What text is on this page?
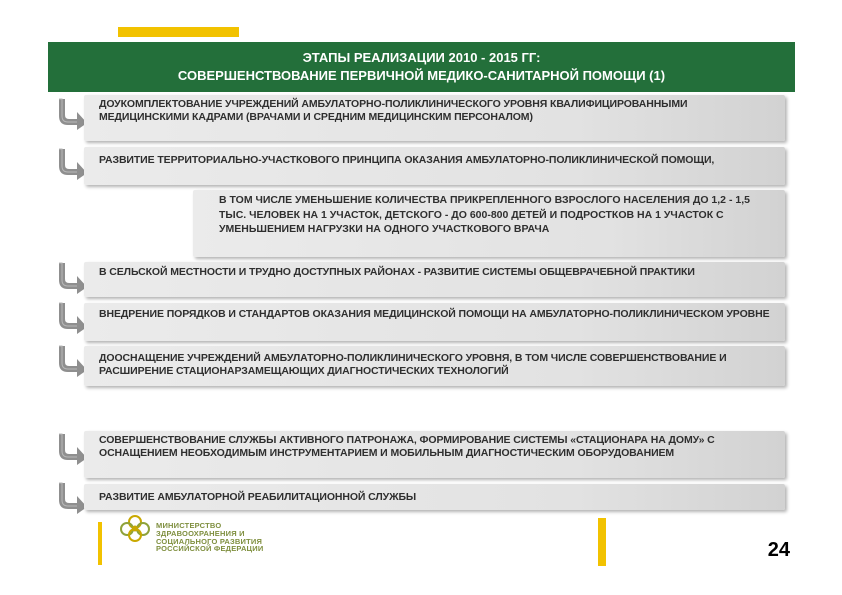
ЭТАПЫ РЕАЛИЗАЦИИ 2010 - 2015 ГГ:
СОВЕРШЕНСТВОВАНИЕ ПЕРВИЧНОЙ МЕДИКО-САНИТАРНОЙ ПОМОЩИ (1)
ДОУКОМПЛЕКТОВАНИЕ УЧРЕЖДЕНИЙ АМБУЛАТОРНО-ПОЛИКЛИНИЧЕСКОГО УРОВНЯ КВАЛИФИЦИРОВАННЫМИ МЕДИЦИНСКИМИ КАДРАМИ (ВРАЧАМИ И СРЕДНИМ МЕДИЦИНСКИМ ПЕРСОНАЛОМ)
РАЗВИТИЕ ТЕРРИТОРИАЛЬНО-УЧАСТКОВОГО ПРИНЦИПА ОКАЗАНИЯ АМБУЛАТОРНО-ПОЛИКЛИНИЧЕСКОЙ ПОМОЩИ,
В ТОМ ЧИСЛЕ УМЕНЬШЕНИЕ КОЛИЧЕСТВА ПРИКРЕПЛЕННОГО ВЗРОСЛОГО НАСЕЛЕНИЯ ДО 1,2 - 1,5 ТЫС. ЧЕЛОВЕК НА 1 УЧАСТОК, ДЕТСКОГО - ДО 600-800 ДЕТЕЙ И ПОДРОСТКОВ НА 1 УЧАСТОК С УМЕНЬШЕНИЕМ НАГРУЗКИ НА ОДНОГО УЧАСТКОВОГО ВРАЧА
В СЕЛЬСКОЙ МЕСТНОСТИ И ТРУДНО ДОСТУПНЫХ РАЙОНАХ - РАЗВИТИЕ СИСТЕМЫ ОБЩЕВРАЧЕБНОЙ ПРАКТИКИ
ВНЕДРЕНИЕ ПОРЯДКОВ И СТАНДАРТОВ ОКАЗАНИЯ МЕДИЦИНСКОЙ ПОМОЩИ НА АМБУЛАТОРНО-ПОЛИКЛИНИЧЕСКОМ УРОВНЕ
ДООСНАЩЕНИЕ УЧРЕЖДЕНИЙ АМБУЛАТОРНО-ПОЛИКЛИНИЧЕСКОГО УРОВНЯ, В ТОМ ЧИСЛЕ СОВЕРШЕНСТВОВАНИЕ И РАСШИРЕНИЕ СТАЦИОНАРЗАМЕЩАЮЩИХ ДИАГНОСТИЧЕСКИХ ТЕХНОЛОГИЙ
СОВЕРШЕНСТВОВАНИЕ СЛУЖБЫ АКТИВНОГО ПАТРОНАЖА, ФОРМИРОВАНИЕ СИСТЕМЫ «СТАЦИОНАРА НА ДОМУ» С ОСНАЩЕНИЕМ НЕОБХОДИМЫМ ИНСТРУМЕНТАРИЕМ И МОБИЛЬНЫМ ДИАГНОСТИЧЕСКИМ ОБОРУДОВАНИЕМ
РАЗВИТИЕ АМБУЛАТОРНОЙ РЕАБИЛИТАЦИОННОЙ СЛУЖБЫ
МИНИСТЕРСТВО ЗДРАВООХРАНЕНИЯ И СОЦИАЛЬНОГО РАЗВИТИЯ РОССИЙСКОЙ ФЕДЕРАЦИИ	24
